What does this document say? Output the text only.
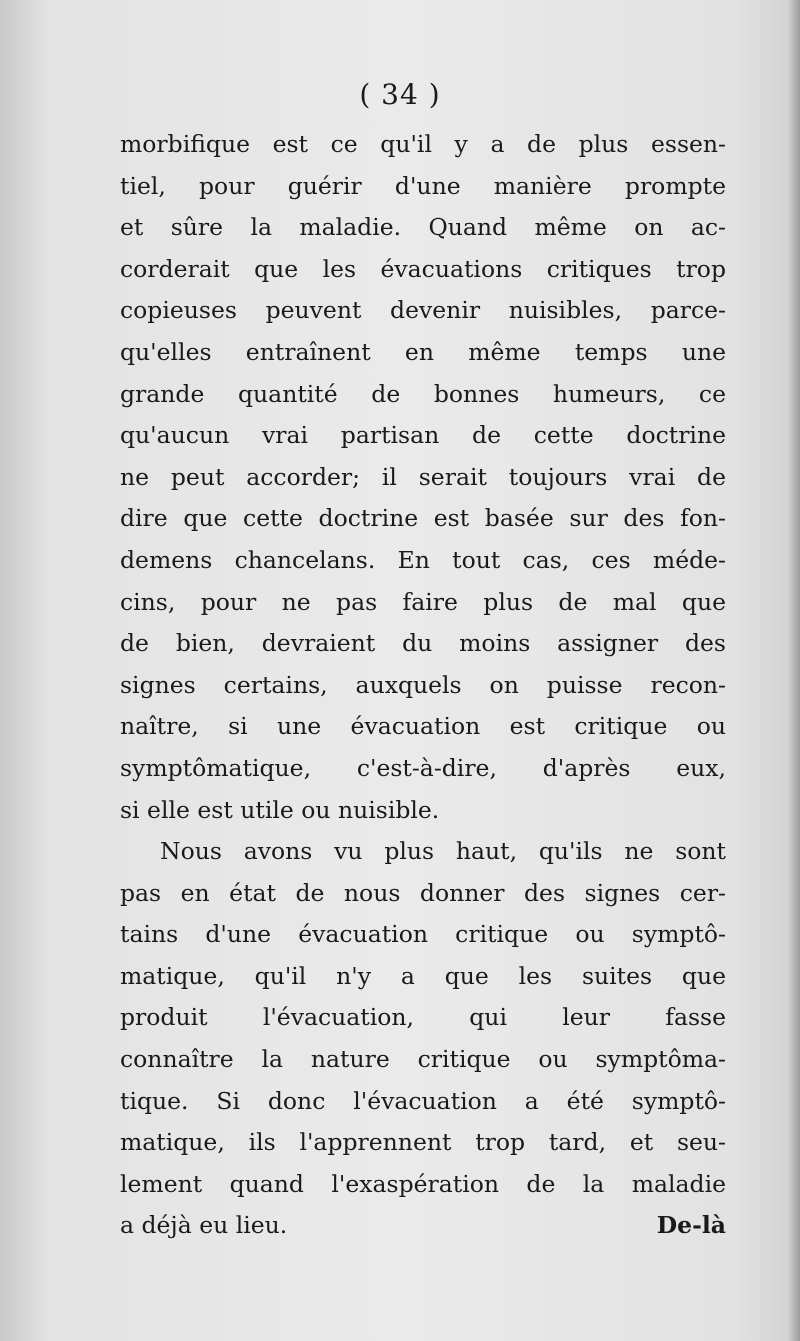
( 34 )
morbifique est ce qu'il y a de plus essen-
tiel, pour guérir d'une manière prompte
et sûre la maladie. Quand même on ac-
corderait que les évacuations critiques trop
copieuses peuvent devenir nuisibles, parce-
qu'elles entraînent en même temps une
grande quantité de bonnes humeurs, ce
qu'aucun vrai partisan de cette doctrine
ne peut accorder; il serait toujours vrai de
dire que cette doctrine est basée sur des fon-
demens chancelans. En tout cas, ces méde-
cins, pour ne pas faire plus de mal que
de bien, devraient du moins assigner des
signes certains, auxquels on puisse recon-
naître, si une évacuation est critique ou
symptômatique, c'est-à-dire, d'après eux,
si elle est utile ou nuisible.
Nous avons vu plus haut, qu'ils ne sont
pas en état de nous donner des signes cer-
tains d'une évacuation critique ou symptô-
matique, qu'il n'y a que les suites que
produit l'évacuation, qui leur fasse
connaître la nature critique ou symptôma-
tique. Si donc l'évacuation a été symptô-
matique, ils l'apprennent trop tard, et seu-
lement quand l'exaspération de la maladie
a déjà eu lieu.	De-là
